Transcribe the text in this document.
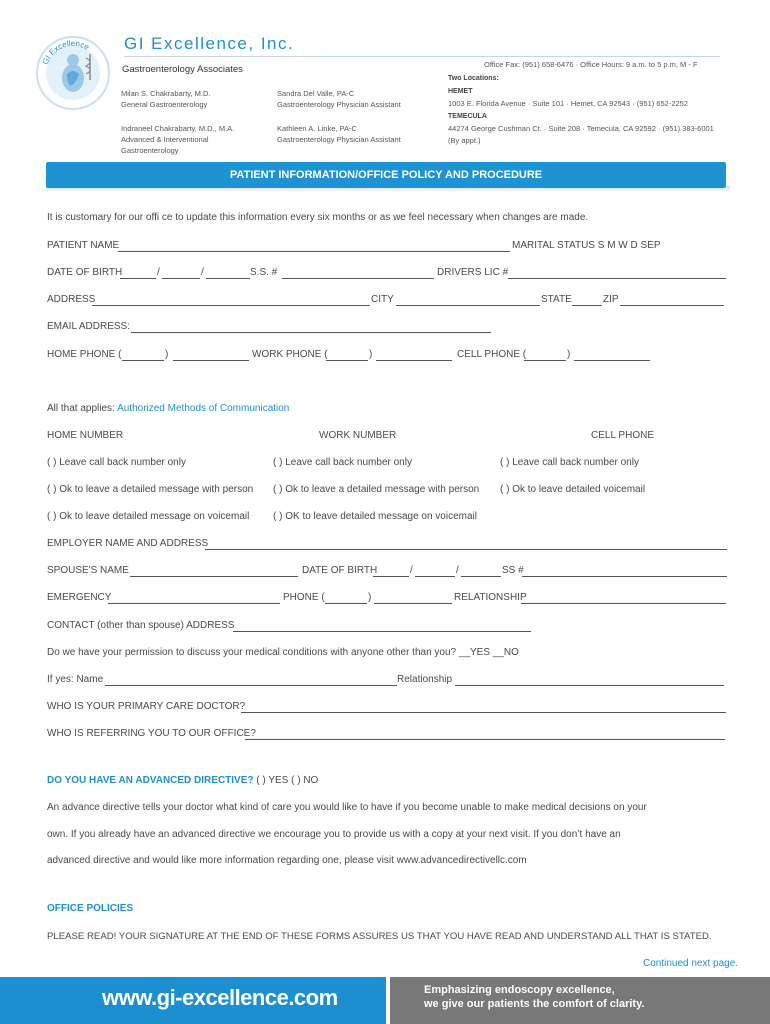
GI Excellence GI Excellence, Inc.
Gastroenterology Associates	Office Fax: (951) 658-6476 · Office Hours: 9 a.m. to 5 p.m, M - F
Two Locations:
HEMET
1003 E. Florida Avenue · Suite 101 · Hemet, CA 92543 · (951) 652-2252
TEMECULA
44274 George Cushman Ct. · Suite 208 · Temecula, CA 92592 · (951) 383-6001
(By appt.)
Milan S. Chakrabarty, M.D.
General Gastroenterology
Sandra Del Valle, PA-C
Gastroenterology Physician Assistant
Indraneel Chakrabarty, M.D., M.A.
Advanced & Interventional
Gastroenterology
Kathleen A. Linke, PA-C
Gastroenterology Physician Assistant
PATIENT INFORMATION/OFFICE POLICY AND PROCEDURE
It is customary for our offi ce to update this information every six months or as we feel necessary when changes are made.
PATIENT NAME	MARITAL STATUS S M W D SEP
DATE OF BIRTH	/	/	S.S. #	DRIVERS LIC #
ADDRESS	CITY	STATE	ZIP
EMAIL ADDRESS:
HOME PHONE (	)	WORK PHONE (	)	CELL PHONE (	)
All that applies: Authorized Methods of Communication
HOME NUMBER	WORK NUMBER	CELL PHONE
( ) Leave call back number only	( ) Leave call back number only	( ) Leave call back number only
( ) Ok to leave a detailed message with person ( ) Ok to leave a detailed message with person ( ) Ok to leave detailed voicemail
( ) Ok to leave detailed message on voicemail ( ) OK to leave detailed message on voicemail
EMPLOYER NAME AND ADDRESS
SPOUSE'S NAME	DATE OF BIRTH	/	/	SS #
EMERGENCY	PHONE (	)	RELATIONSHIP
CONTACT (other than spouse) ADDRESS
Do we have your permission to discuss your medical conditions with anyone other than you? __YES __NO
If yes: Name	Relationship
WHO IS YOUR PRIMARY CARE DOCTOR?
WHO IS REFERRING YOU TO OUR OFFICE?
DO YOU HAVE AN ADVANCED DIRECTIVE? ( ) YES ( ) NO
An advance directive tells your doctor what kind of care you would like to have if you become unable to make medical decisions on your
own. If you already have an advanced directive we encourage you to provide us with a copy at your next visit. If you don’t have an
advanced directive and would like more information regarding one, please visit www.advancedirectivellc.com
OFFICE POLICIES
PLEASE READ! YOUR SIGNATURE AT THE END OF THESE FORMS ASSURES US THAT YOU HAVE READ AND UNDERSTAND ALL THAT IS STATED.
Continued next page.
www.gi-excellence.com	Emphasizing endoscopy excellence,
we give our patients the comfort of clarity.
